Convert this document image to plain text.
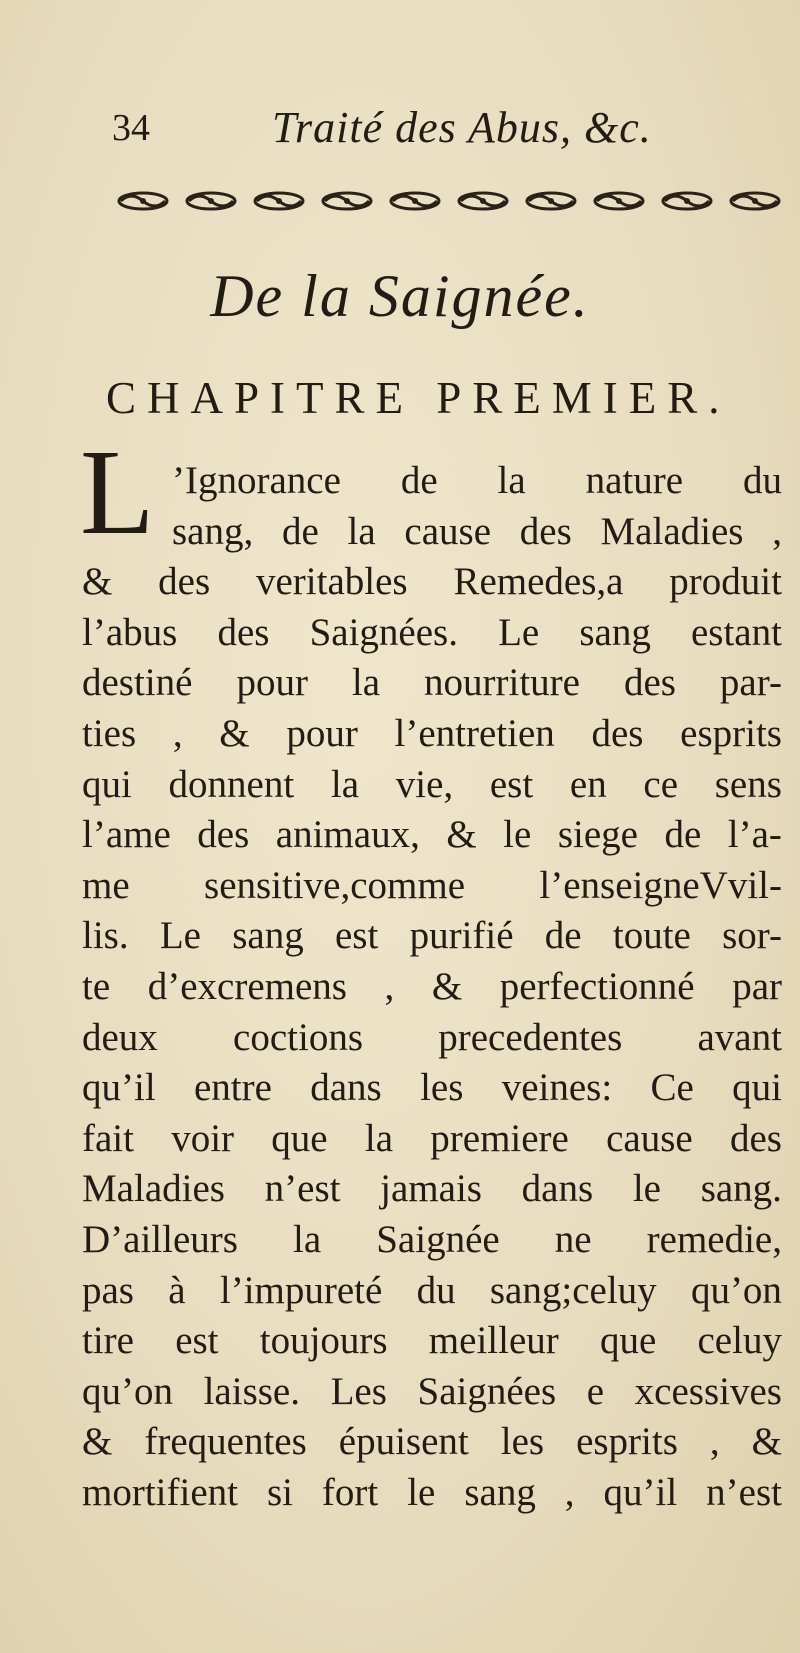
34	Traité des Abus, &c.
De la Saignée.
CHAPITRE PREMIER.
L ’Ignorance de la nature du
sang, de la cause des Maladies ,
& des veritables Remedes,a produit
l’abus des Saignées. Le sang estant
destiné pour la nourriture des par-
ties , & pour l’entretien des esprits
qui donnent la vie, est en ce sens
l’ame des animaux, & le siege de l’a-
me sensitive,comme l’enseigneVvil-
lis. Le sang est purifié de toute sor-
te d’excremens , & perfectionné par
deux coctions precedentes avant
qu’il entre dans les veines: Ce qui
fait voir que la premiere cause des
Maladies n’est jamais dans le sang.
D’ailleurs la Saignée ne remedie,
pas à l’impureté du sang;celuy qu’on
tire est toujours meilleur que celuy
qu’on laisse. Les Saignées e xcessives
& frequentes épuisent les esprits , &
mortifient si fort le sang , qu’il n’est
